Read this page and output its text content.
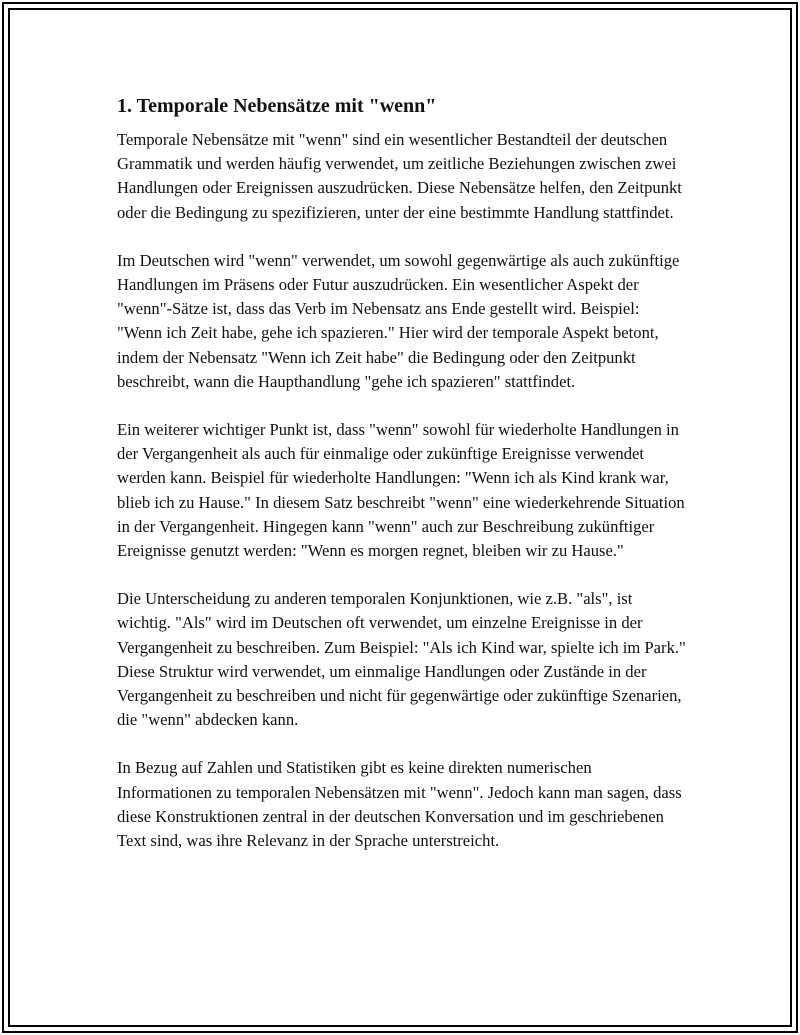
1. Temporale Nebensätze mit "wenn"

Temporale Nebensätze mit "wenn" sind ein wesentlicher Bestandteil der deutschen Grammatik und werden häufig verwendet, um zeitliche Beziehungen zwischen zwei Handlungen oder Ereignissen auszudrücken. Diese Nebensätze helfen, den Zeitpunkt oder die Bedingung zu spezifizieren, unter der eine bestimmte Handlung stattfindet.

Im Deutschen wird "wenn" verwendet, um sowohl gegenwärtige als auch zukünftige Handlungen im Präsens oder Futur auszudrücken. Ein wesentlicher Aspekt der "wenn"-Sätze ist, dass das Verb im Nebensatz ans Ende gestellt wird. Beispiel: "Wenn ich Zeit habe, gehe ich spazieren." Hier wird der temporale Aspekt betont, indem der Nebensatz "Wenn ich Zeit habe" die Bedingung oder den Zeitpunkt beschreibt, wann die Haupthandlung "gehe ich spazieren" stattfindet.

Ein weiterer wichtiger Punkt ist, dass "wenn" sowohl für wiederholte Handlungen in der Vergangenheit als auch für einmalige oder zukünftige Ereignisse verwendet werden kann. Beispiel für wiederholte Handlungen: "Wenn ich als Kind krank war, blieb ich zu Hause." In diesem Satz beschreibt "wenn" eine wiederkehrende Situation in der Vergangenheit. Hingegen kann "wenn" auch zur Beschreibung zukünftiger Ereignisse genutzt werden: "Wenn es morgen regnet, bleiben wir zu Hause."

Die Unterscheidung zu anderen temporalen Konjunktionen, wie z.B. "als", ist wichtig. "Als" wird im Deutschen oft verwendet, um einzelne Ereignisse in der Vergangenheit zu beschreiben. Zum Beispiel: "Als ich Kind war, spielte ich im Park." Diese Struktur wird verwendet, um einmalige Handlungen oder Zustände in der Vergangenheit zu beschreiben und nicht für gegenwärtige oder zukünftige Szenarien, die "wenn" abdecken kann.

In Bezug auf Zahlen und Statistiken gibt es keine direkten numerischen Informationen zu temporalen Nebensätzen mit "wenn". Jedoch kann man sagen, dass diese Konstruktionen zentral in der deutschen Konversation und im geschriebenen Text sind, was ihre Relevanz in der Sprache unterstreicht.
